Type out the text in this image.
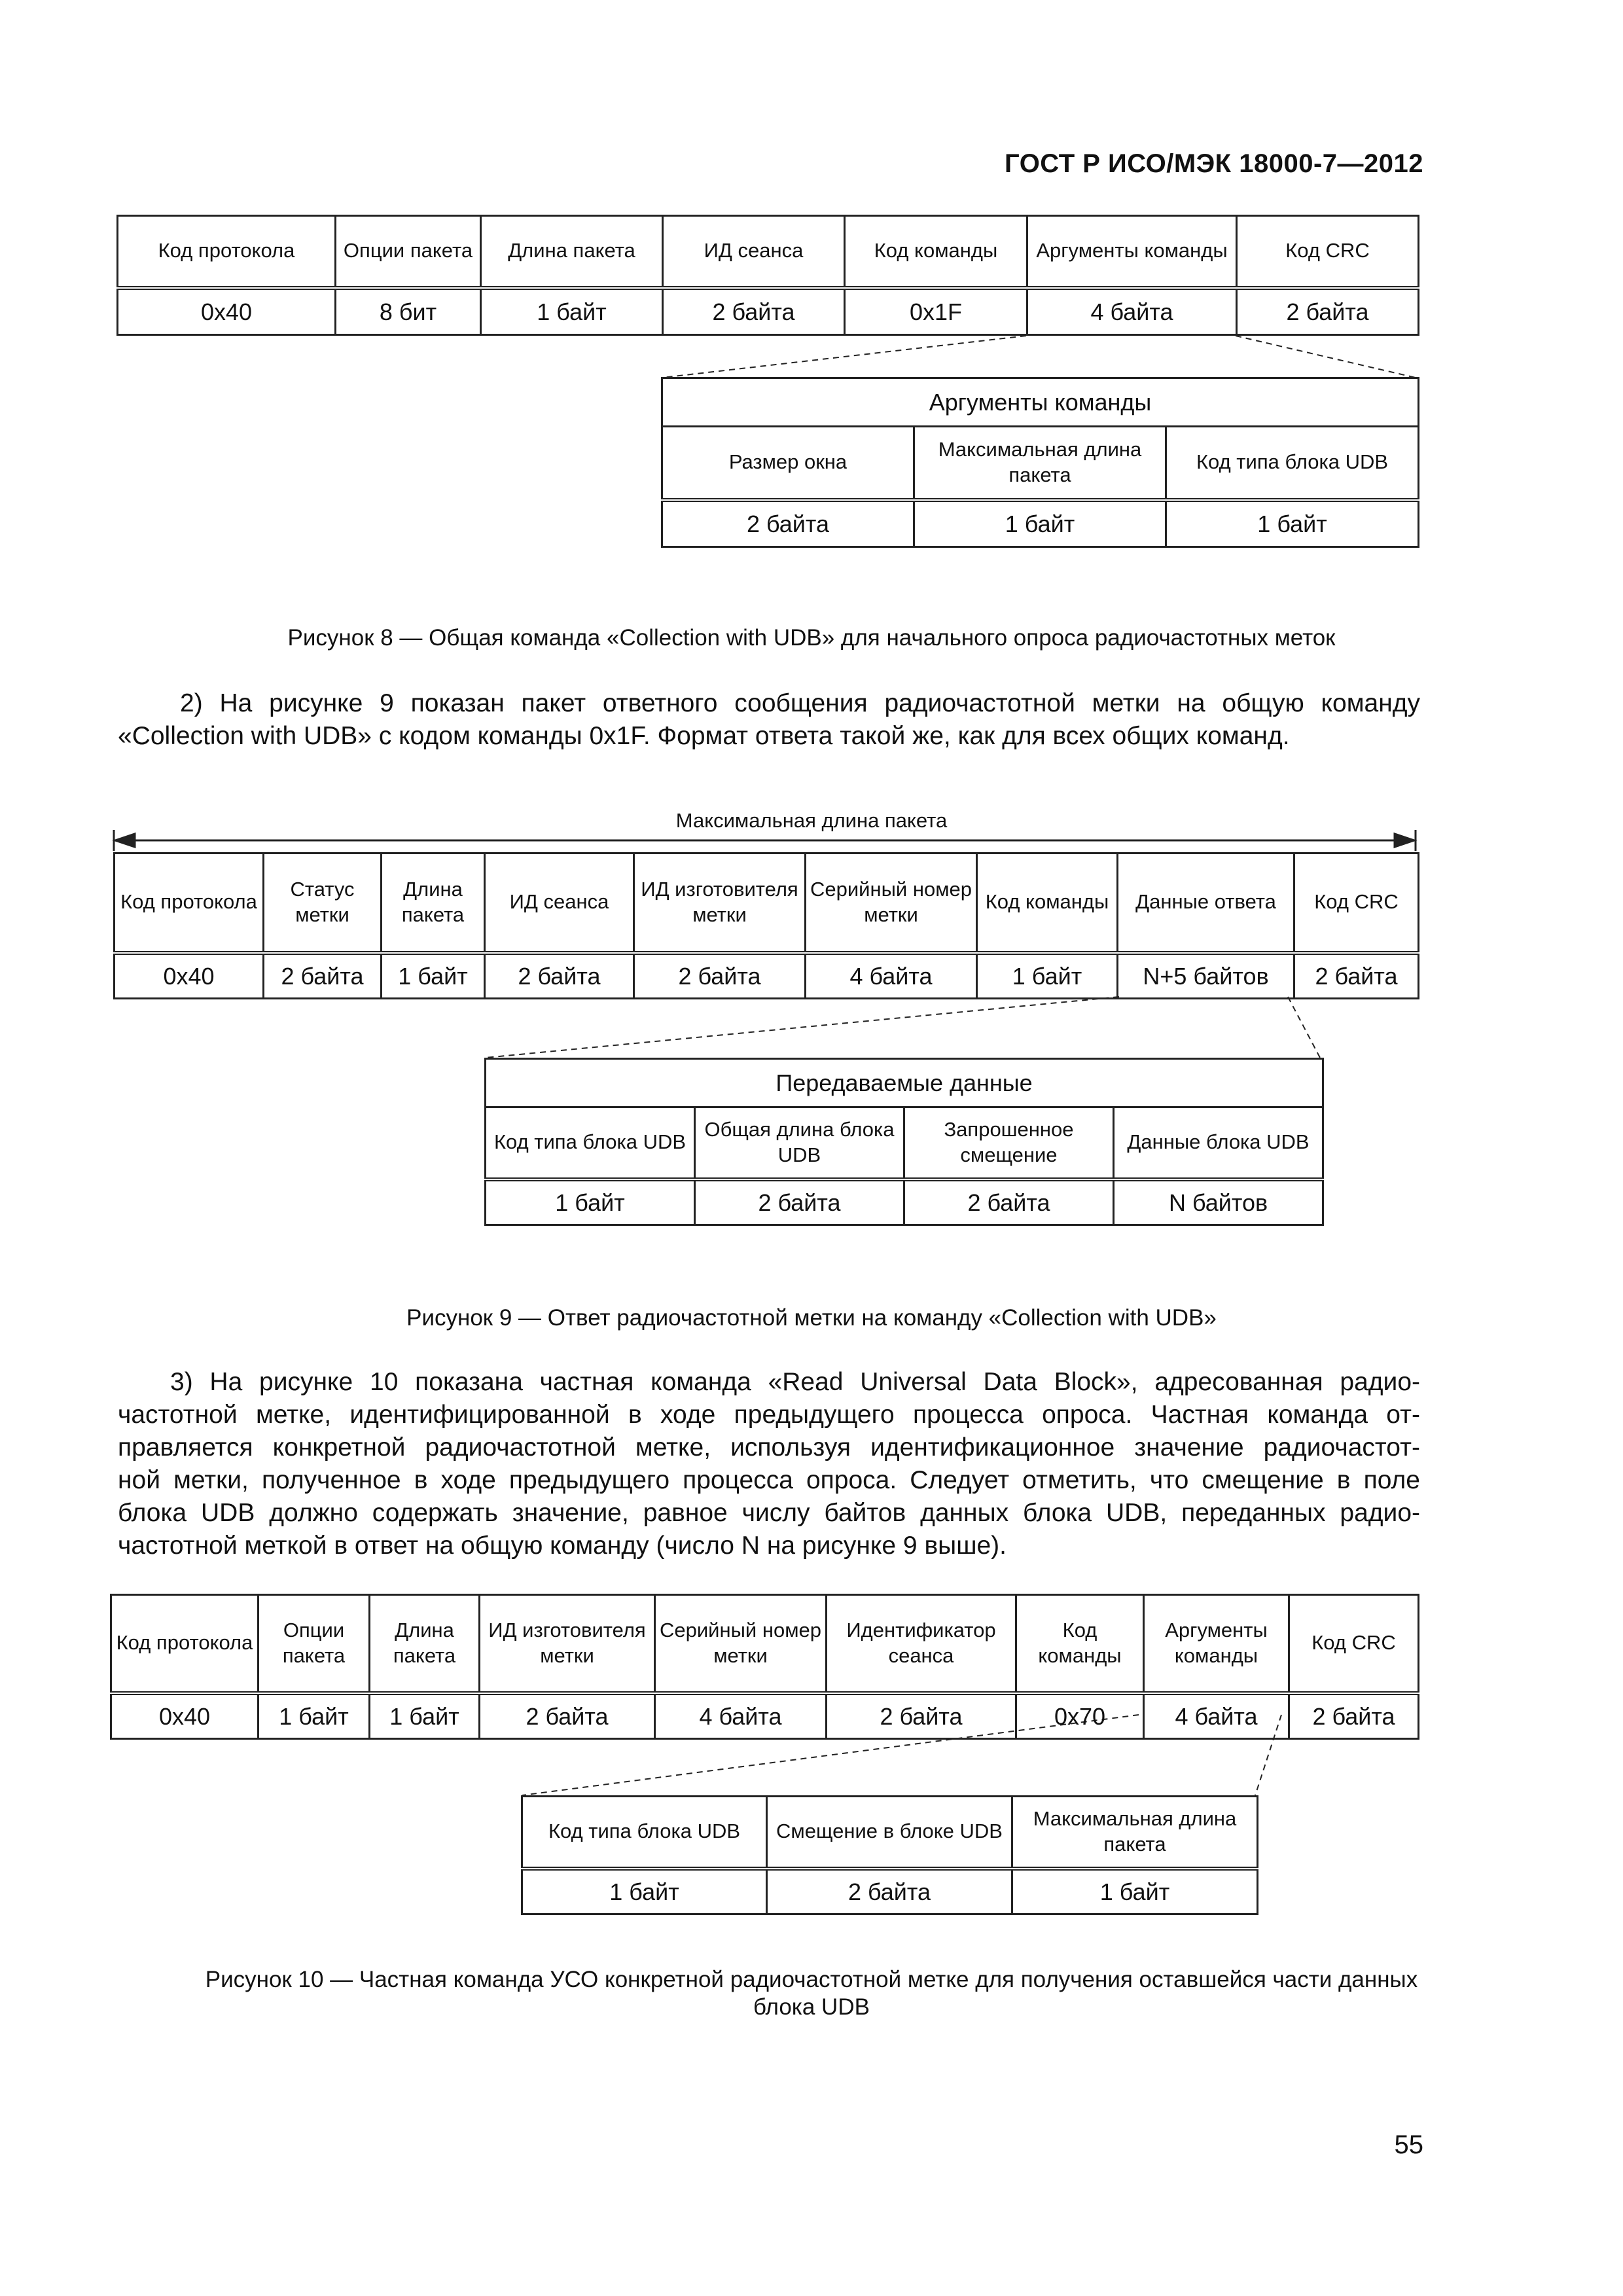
ГОСТ Р ИСО/МЭК 18000-7—2012
Код протокола	Опции пакета	Длина пакета	ИД сеанса	Код команды	Аргументы команды	Код CRC
0x40	8 бит	1 байт	2 байта	0x1F	4 байта	2 байта
Аргументы команды		
Размер окна	Максимальная длина пакета	Код типа блока UDB
2 байта	1 байт	1 байт
Рисунок 8 — Общая команда «Collection with UDB» для начального опроса радиочастотных меток
2) На рисунке 9 показан пакет ответного сообщения радиочастотной метки на общую команду
«Collection with UDB» с кодом команды 0x1F. Формат ответа такой же, как для всех общих команд.
Максимальная длина пакета
Код протокола	Статус метки	Длина пакета	ИД сеанса	ИД изготовителя метки	Серийный номер метки	Код команды	Данные ответа	Код CRC
0x40	2 байта	1 байт	2 байта	2 байта	4 байта	1 байт	N+5 байтов	2 байта
Передаваемые данные			
Код типа блока UDB	Общая длина блока UDB	Запрошенное смещение	Данные блока UDB
1 байт	2 байта	2 байта	N байтов
Рисунок 9 — Ответ радиочастотной метки на команду «Collection with UDB»
3) На рисунке 10 показана частная команда «Read Universal Data Block», адресованная радио-
частотной метке, идентифицированной в ходе предыдущего процесса опроса. Частная команда от-
правляется конкретной радиочастотной метке, используя идентификационное значение радиочастот-
ной метки, полученное в ходе предыдущего процесса опроса. Следует отметить, что смещение в поле
блока UDB должно содержать значение, равное числу байтов данных блока UDB, переданных радио-
частотной меткой в ответ на общую команду (число N на рисунке 9 выше).
Код протокола	Опции пакета	Длина пакета	ИД изготовителя метки	Серийный номер метки	Идентификатор сеанса	Код команды	Аргументы команды	Код CRC
0x40	1 байт	1 байт	2 байта	4 байта	2 байта	0x70	4 байта	2 байта
Код типа блока UDB	Смещение в блоке UDB	Максимальная длина пакета
1 байт	2 байта	1 байт
Рисунок 10 — Частная команда УСО конкретной радиочастотной метке для получения оставшейся части данных
блока UDB
55
